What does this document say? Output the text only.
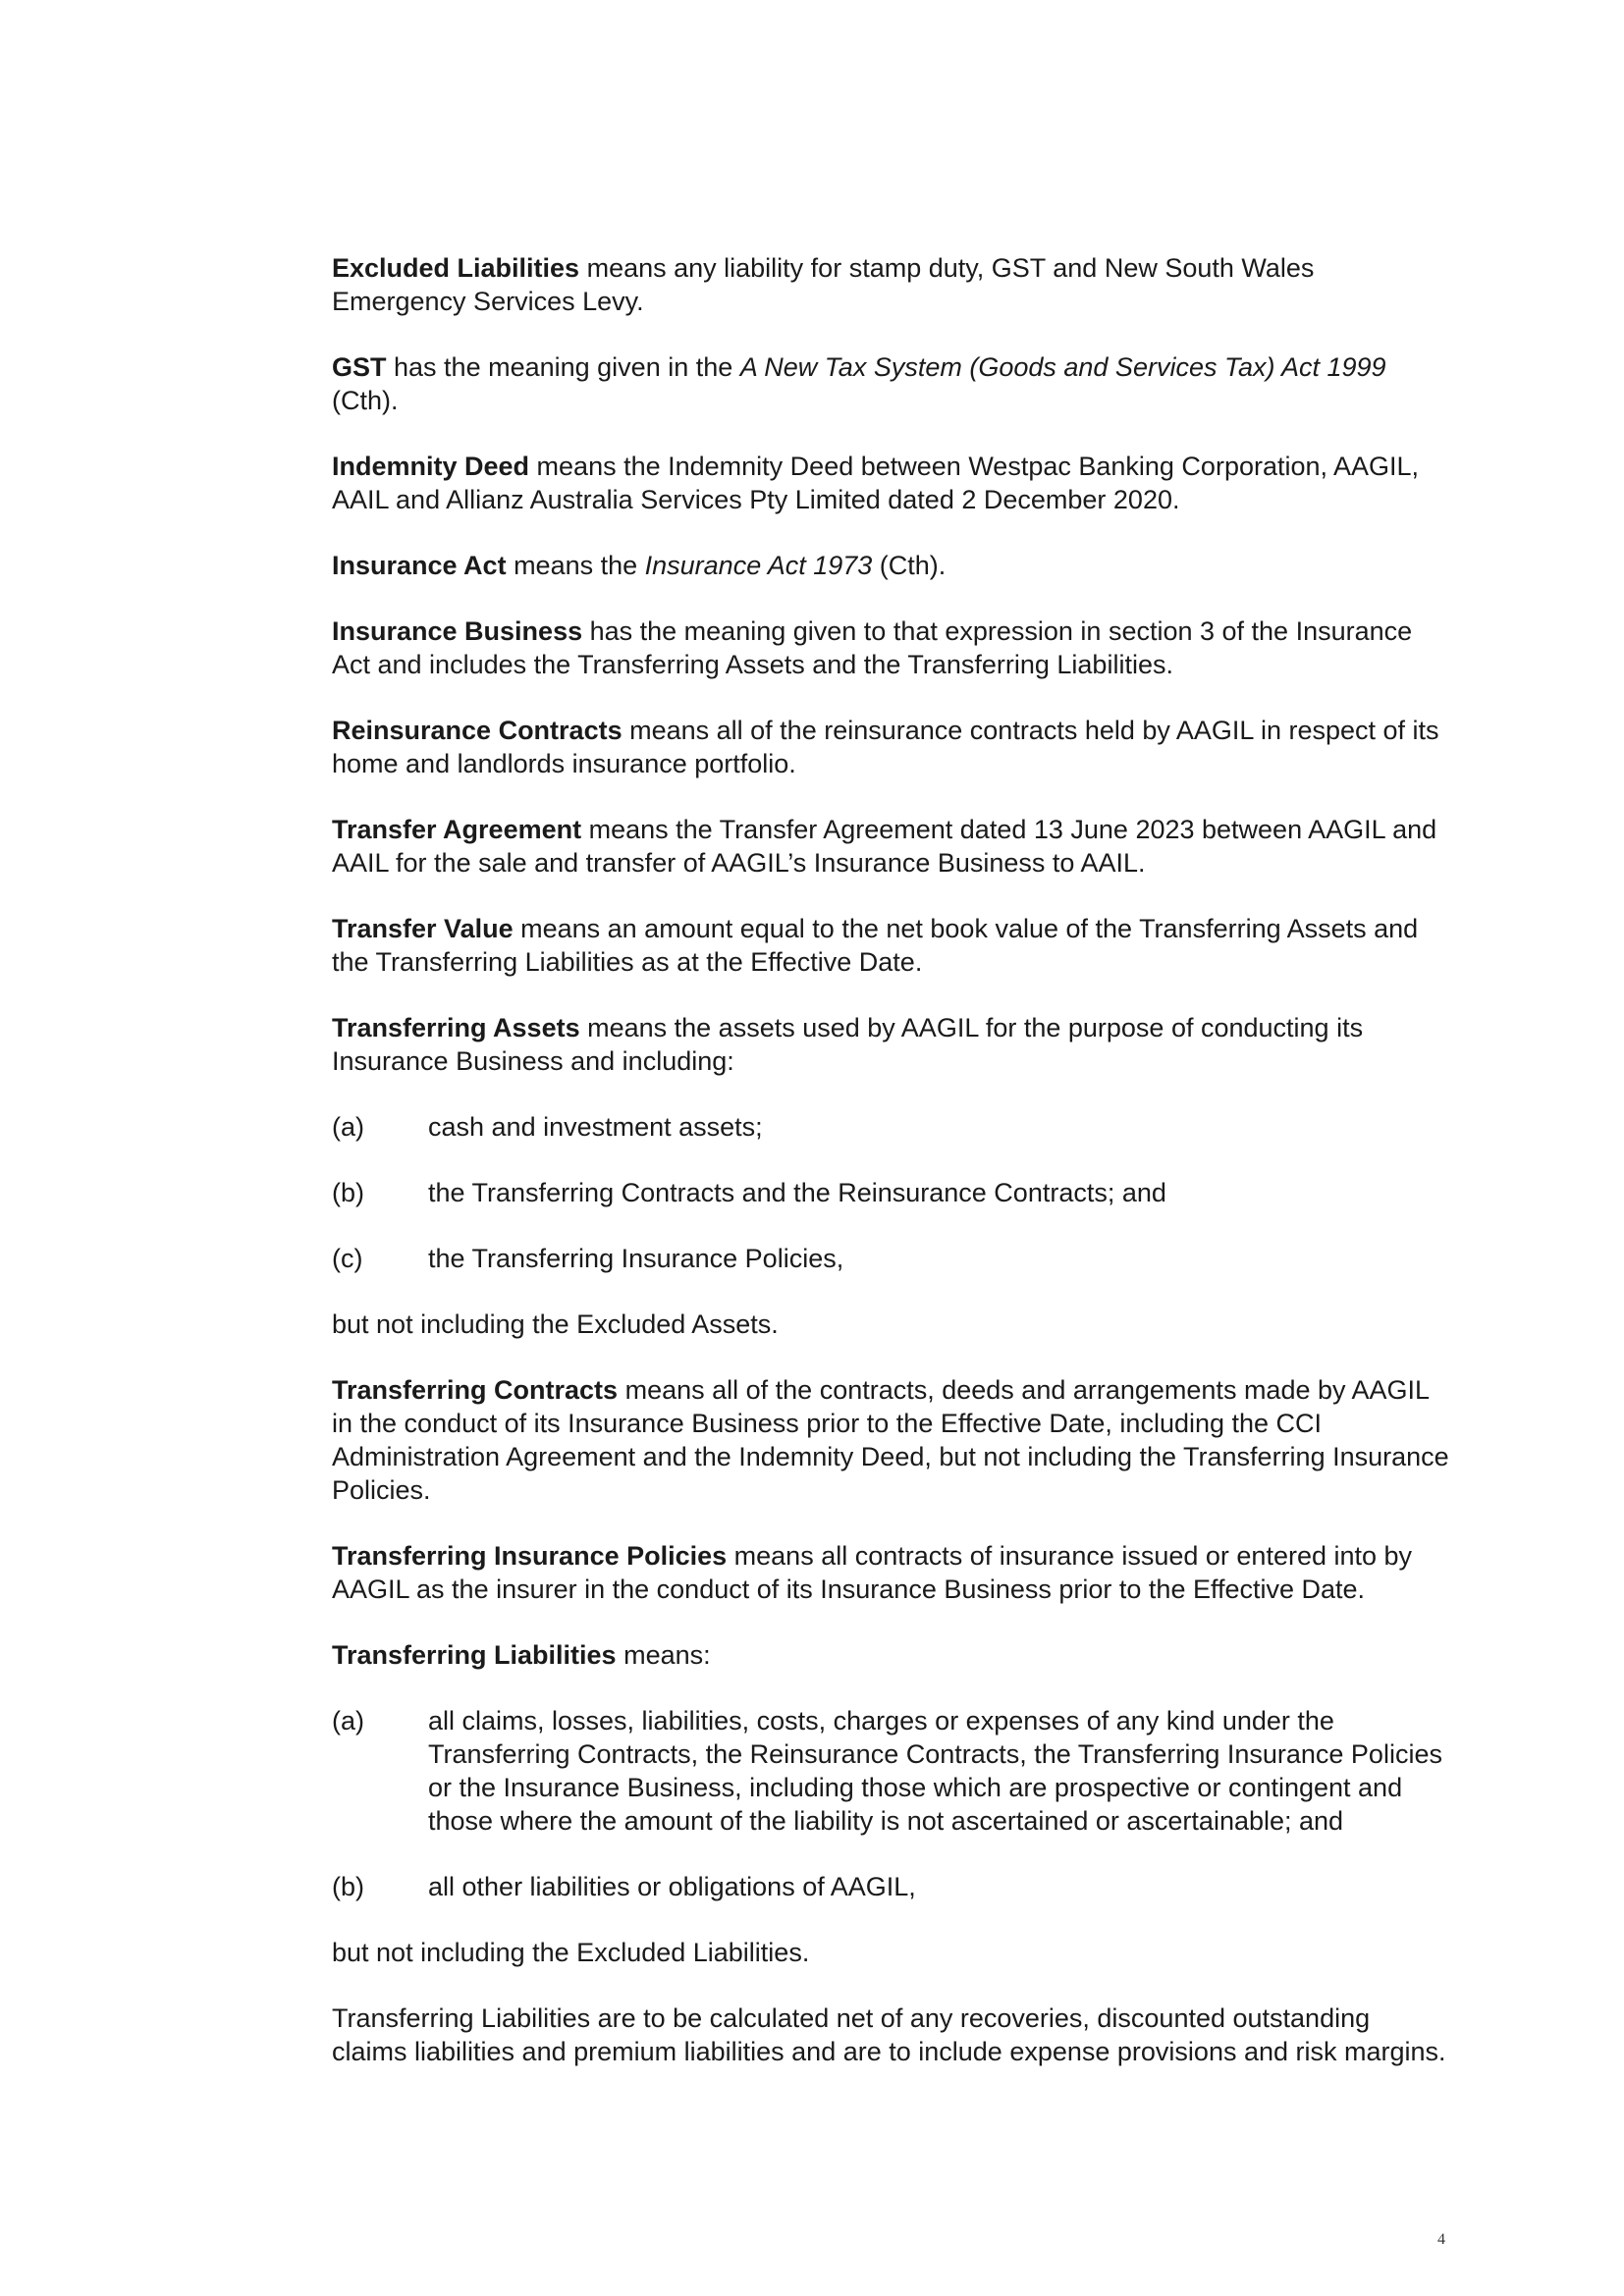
Excluded Liabilities means any liability for stamp duty, GST and New South Wales Emergency Services Levy.

GST has the meaning given in the A New Tax System (Goods and Services Tax) Act 1999 (Cth).

Indemnity Deed means the Indemnity Deed between Westpac Banking Corporation, AAGIL, AAIL and Allianz Australia Services Pty Limited dated 2 December 2020.

Insurance Act means the Insurance Act 1973 (Cth).

Insurance Business has the meaning given to that expression in section 3 of the Insurance Act and includes the Transferring Assets and the Transferring Liabilities.

Reinsurance Contracts means all of the reinsurance contracts held by AAGIL in respect of its home and landlords insurance portfolio.

Transfer Agreement means the Transfer Agreement dated 13 June 2023 between AAGIL and AAIL for the sale and transfer of AAGIL’s Insurance Business to AAIL.

Transfer Value means an amount equal to the net book value of the Transferring Assets and the Transferring Liabilities as at the Effective Date.

Transferring Assets means the assets used by AAGIL for the purpose of conducting its Insurance Business and including:

(a)	cash and investment assets;
(b)	the Transferring Contracts and the Reinsurance Contracts; and
(c)	the Transferring Insurance Policies,

but not including the Excluded Assets.

Transferring Contracts means all of the contracts, deeds and arrangements made by AAGIL in the conduct of its Insurance Business prior to the Effective Date, including the CCI Administration Agreement and the Indemnity Deed, but not including the Transferring Insurance Policies.

Transferring Insurance Policies means all contracts of insurance issued or entered into by AAGIL as the insurer in the conduct of its Insurance Business prior to the Effective Date.

Transferring Liabilities means:

(a)	all claims, losses, liabilities, costs, charges or expenses of any kind under the Transferring Contracts, the Reinsurance Contracts, the Transferring Insurance Policies or the Insurance Business, including those which are prospective or contingent and those where the amount of the liability is not ascertained or ascertainable; and
(b)	all other liabilities or obligations of AAGIL,

but not including the Excluded Liabilities.

Transferring Liabilities are to be calculated net of any recoveries, discounted outstanding claims liabilities and premium liabilities and are to include expense provisions and risk margins.

4
